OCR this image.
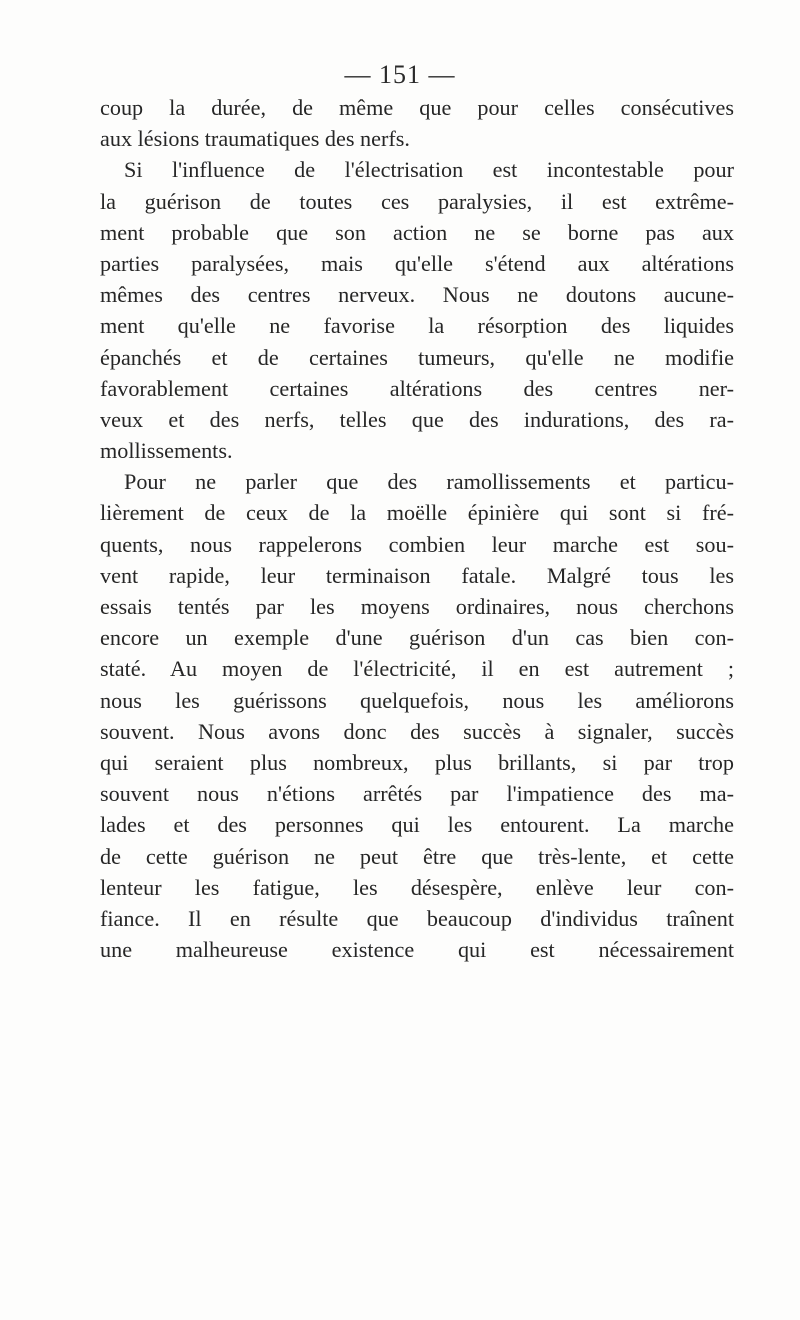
— 151 —
coup la durée, de même que pour celles consécutives
aux lésions traumatiques des nerfs.
Si l'influence de l'électrisation est incontestable pour
la guérison de toutes ces paralysies, il est extrême-
ment probable que son action ne se borne pas aux
parties paralysées, mais qu'elle s'étend aux altérations
mêmes des centres nerveux. Nous ne doutons aucune-
ment qu'elle ne favorise la résorption des liquides
épanchés et de certaines tumeurs, qu'elle ne modifie
favorablement certaines altérations des centres ner-
veux et des nerfs, telles que des indurations, des ra-
mollissements.
Pour ne parler que des ramollissements et particu-
lièrement de ceux de la moëlle épinière qui sont si fré-
quents, nous rappelerons combien leur marche est sou-
vent rapide, leur terminaison fatale. Malgré tous les
essais tentés par les moyens ordinaires, nous cherchons
encore un exemple d'une guérison d'un cas bien con-
staté. Au moyen de l'électricité, il en est autrement ;
nous les guérissons quelquefois, nous les améliorons
souvent. Nous avons donc des succès à signaler, succès
qui seraient plus nombreux, plus brillants, si par trop
souvent nous n'étions arrêtés par l'impatience des ma-
lades et des personnes qui les entourent. La marche
de cette guérison ne peut être que très-lente, et cette
lenteur les fatigue, les désespère, enlève leur con-
fiance. Il en résulte que beaucoup d'individus traînent
une malheureuse existence qui est nécessairement
